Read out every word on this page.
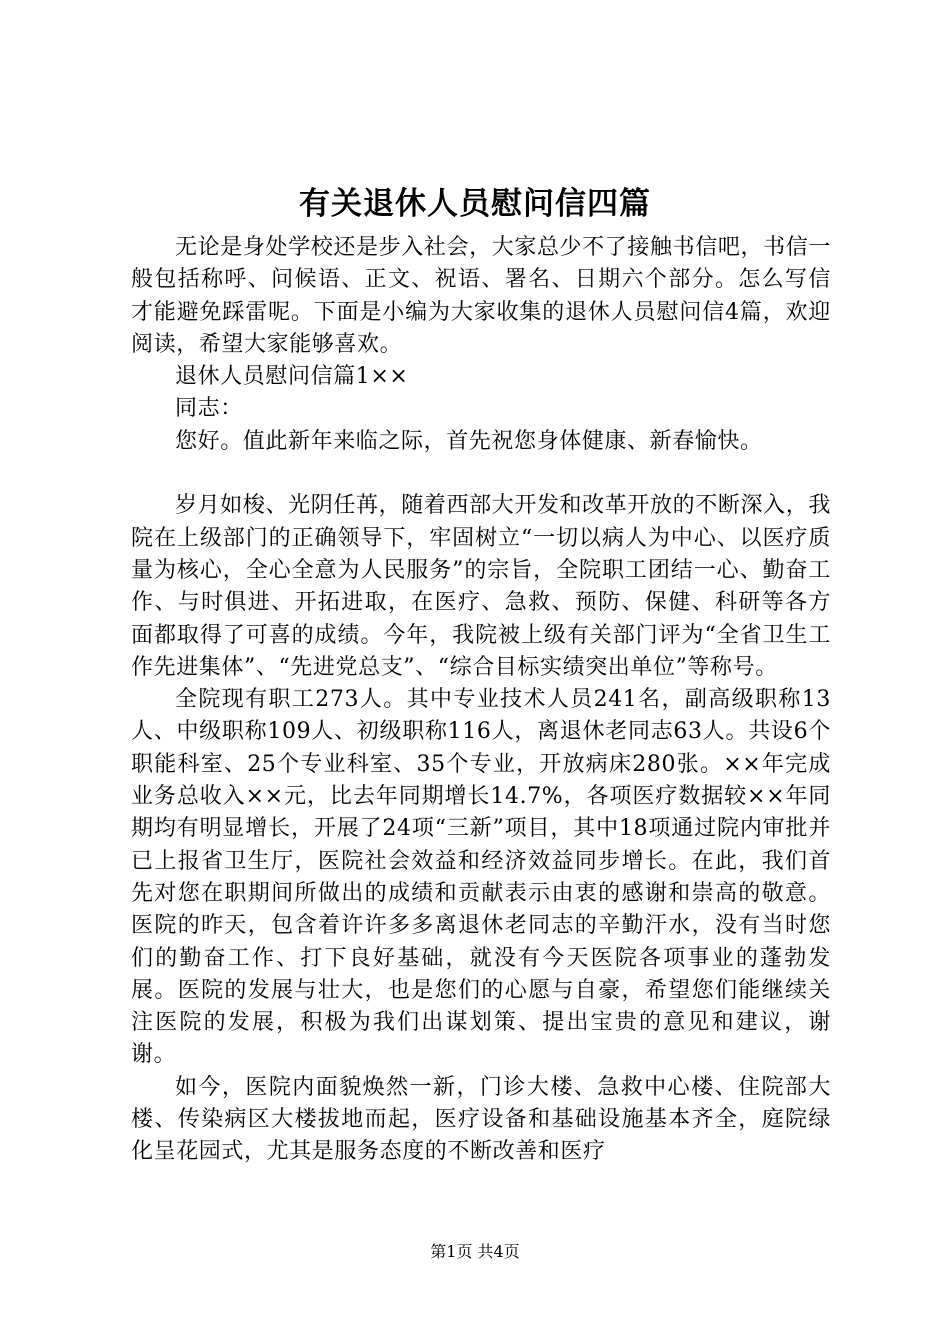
有关退休人员慰问信四篇

无论是身处学校还是步入社会，大家总少不了接触书信吧，书信一般包括称呼、问候语、正文、祝语、署名、日期六个部分。怎么写信才能避免踩雷呢。下面是小编为大家收集的退休人员慰问信4篇，欢迎阅读，希望大家能够喜欢。

退休人员慰问信篇1××

同志：

您好。值此新年来临之际，首先祝您身体健康、新春愉快。

岁月如梭、光阴任苒，随着西部大开发和改革开放的不断深入，我院在上级部门的正确领导下，牢固树立“一切以病人为中心、以医疗质量为核心，全心全意为人民服务”的宗旨，全院职工团结一心、勤奋工作、与时俱进、开拓进取，在医疗、急救、预防、保健、科研等各方面都取得了可喜的成绩。今年，我院被上级有关部门评为“全省卫生工作先进集体”、“先进党总支”、“综合目标实绩突出单位”等称号。

全院现有职工273人。其中专业技术人员241名，副高级职称13人、中级职称109人、初级职称116人，离退休老同志63人。共设6个职能科室、25个专业科室、35个专业，开放病床280张。××年完成业务总收入××元，比去年同期增长14.7%，各项医疗数据较××年同期均有明显增长，开展了24项“三新”项目，其中18项通过院内审批并已上报省卫生厅，医院社会效益和经济效益同步增长。在此，我们首先对您在职期间所做出的成绩和贡献表示由衷的感谢和崇高的敬意。医院的昨天，包含着许许多多离退休老同志的辛勤汗水，没有当时您们的勤奋工作、打下良好基础，就没有今天医院各项事业的蓬勃发展。医院的发展与壮大，也是您们的心愿与自豪，希望您们能继续关注医院的发展，积极为我们出谋划策、提出宝贵的意见和建议，谢谢。

如今，医院内面貌焕然一新，门诊大楼、急救中心楼、住院部大楼、传染病区大楼拔地而起，医疗设备和基础设施基本齐全，庭院绿化呈花园式，尤其是服务态度的不断改善和医疗

第1页 共4页
